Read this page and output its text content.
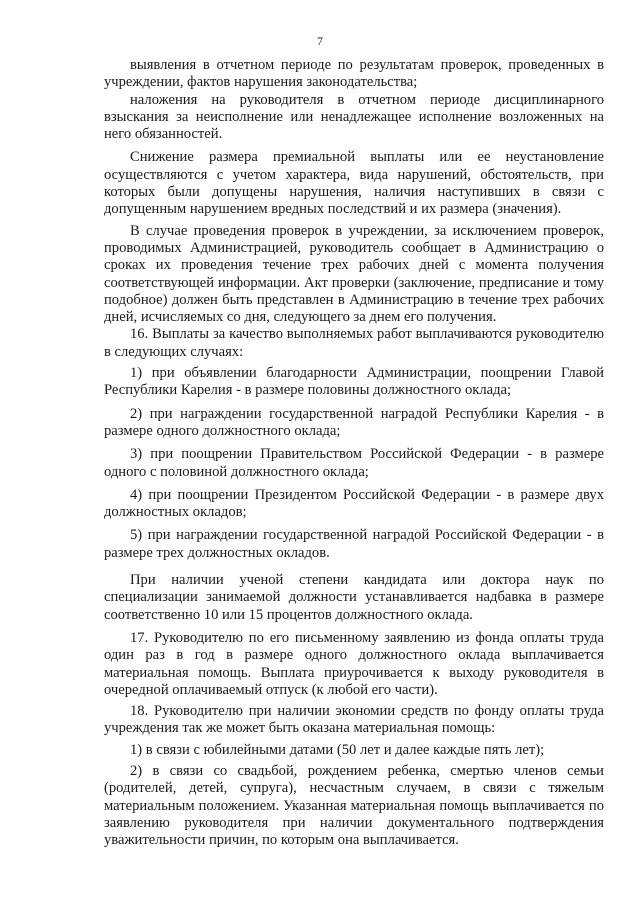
7

выявления в отчетном периоде по результатам проверок, проведенных в учреждении, фактов нарушения законодательства;

наложения на руководителя в отчетном периоде дисциплинарного взыскания за неисполнение или ненадлежащее исполнение возложенных на него обязанностей.

Снижение размера премиальной выплаты или ее неустановление осуществляются с учетом характера, вида нарушений, обстоятельств, при которых были допущены нарушения, наличия наступивших в связи с допущенным нарушением вредных последствий и их размера (значения).

В случае проведения проверок в учреждении, за исключением проверок, проводимых Администрацией, руководитель сообщает в Администрацию о сроках их проведения течение трех рабочих дней с момента получения соответствующей информации. Акт проверки (заключение, предписание и тому подобное) должен быть представлен в Администрацию в течение трех рабочих дней, исчисляемых со дня, следующего за днем его получения.

16. Выплаты за качество выполняемых работ выплачиваются руководителю в следующих случаях:

1) при объявлении благодарности Администрации, поощрении Главой Республики Карелия - в размере половины должностного оклада;

2) при награждении государственной наградой Республики Карелия - в размере одного должностного оклада;

3) при поощрении Правительством Российской Федерации - в размере одного с половиной должностного оклада;

4) при поощрении Президентом Российской Федерации - в размере двух должностных окладов;

5) при награждении государственной наградой Российской Федерации - в размере трех должностных окладов.

При наличии ученой степени кандидата или доктора наук по специализации занимаемой должности устанавливается надбавка в размере соответственно 10 или 15 процентов должностного оклада.

17. Руководителю по его письменному заявлению из фонда оплаты труда один раз в год в размере одного должностного оклада выплачивается материальная помощь. Выплата приурочивается к выходу руководителя в очередной оплачиваемый отпуск (к любой его части).

18. Руководителю при наличии экономии средств по фонду оплаты труда учреждения так же может быть оказана материальная помощь:

1) в связи с юбилейными датами (50 лет и далее каждые пять лет);

2) в связи со свадьбой, рождением ребенка, смертью членов семьи (родителей, детей, супруга), несчастным случаем, в связи с тяжелым материальным положением. Указанная материальная помощь выплачивается по заявлению руководителя при наличии документального подтверждения уважительности причин, по которым она выплачивается.
